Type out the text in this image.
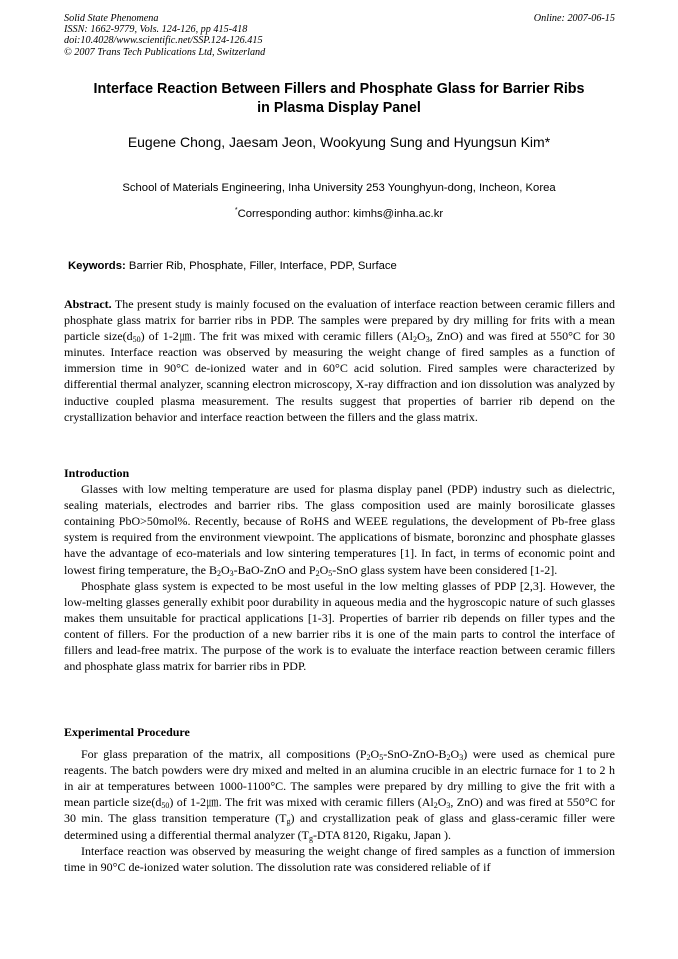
Solid State Phenomena
ISSN: 1662-9779, Vols. 124-126, pp 415-418
doi:10.4028/www.scientific.net/SSP.124-126.415
© 2007 Trans Tech Publications Ltd, Switzerland
Online: 2007-06-15
Interface Reaction Between Fillers and Phosphate Glass for Barrier Ribs
in Plasma Display Panel
Eugene Chong, Jaesam Jeon, Wookyung Sung and Hyungsun Kim*
School of Materials Engineering, Inha University 253 Younghyun-dong, Incheon, Korea
*Corresponding author: kimhs@inha.ac.kr
Keywords: Barrier Rib, Phosphate, Filler, Interface, PDP, Surface

Abstract. The present study is mainly focused on the evaluation of interface reaction between ceramic fillers and phosphate glass matrix for barrier ribs in PDP. The samples were prepared by dry milling for frits with a mean particle $size(d_{50})$ of 1-2㎛. The frit was mixed with ceramic fillers ($Al_2O_3$, ZnO) and was fired at 550°C for 30 minutes. Interface reaction was observed by measuring the weight change of fired samples as a function of immersion time in 90°C de-ionized water and in 60°C acid solution. Fired samples were characterized by differential thermal analyzer, scanning electron microscopy, X-ray diffraction and ion dissolution was analyzed by inductive coupled plasma measurement. The results suggest that properties of barrier rib depend on the crystallization behavior and interface reaction between the fillers and the glass matrix.

Introduction

Glasses with low melting temperature are used for plasma display panel (PDP) industry such as dielectric, sealing materials, electrodes and barrier ribs. The glass composition used are mainly borosilicate glasses containing PbO>50mol%. Recently, because of RoHS and WEEE regulations, the development of Pb-free glass system is required from the environment viewpoint. The applications of bismate, boronzinc and phosphate glasses have the advantage of eco-materials and low sintering temperatures [1]. In fact, in terms of economic point and lowest firing temperature, the $B_2O_3-BaO$-ZnO and $P_2O_5$-SnO glass system have been considered [1-2].

Phosphate glass system is expected to be most useful in the low melting glasses of PDP [2,3]. However, the low-melting glasses generally exhibit poor durability in aqueous media and the hygroscopic nature of such glasses makes them unsuitable for practical applications [1-3]. Properties of barrier rib depends on filler types and the content of fillers. For the production of a new barrier ribs it is one of the main parts to control the interface of fillers and lead-free matrix. The purpose of the work is to evaluate the interface reaction between ceramic fillers and phosphate glass matrix for barrier ribs in PDP.

Experimental Procedure

For glass preparation of the matrix, all compositions $(P_2O_5-SnO-ZnO-B_2O_3)$ were used as chemical pure reagents. The batch powders were dry mixed and melted in an alumina crucible in an electric furnace for 1 to 2 h in air at temperatures between 1000-1100°C. The samples were prepared by dry milling to give the frit with a mean particle $size(d_{50})$ of 1-2㎛. The frit was mixed with ceramic fillers ($Al_2O_3$, ZnO) and was fired at 550°C for 30 min. The glass transition temperature $(T_g)$ and crystallization peak of glass and glass-ceramic filler were determined using a differential thermal analyzer ($T_g$-DTA 8120, Rigaku, Japan ).

Interface reaction was observed by measuring the weight change of fired samples as a function of immersion time in 90°C de-ionized water solution. The dissolution rate was considered reliable of if
